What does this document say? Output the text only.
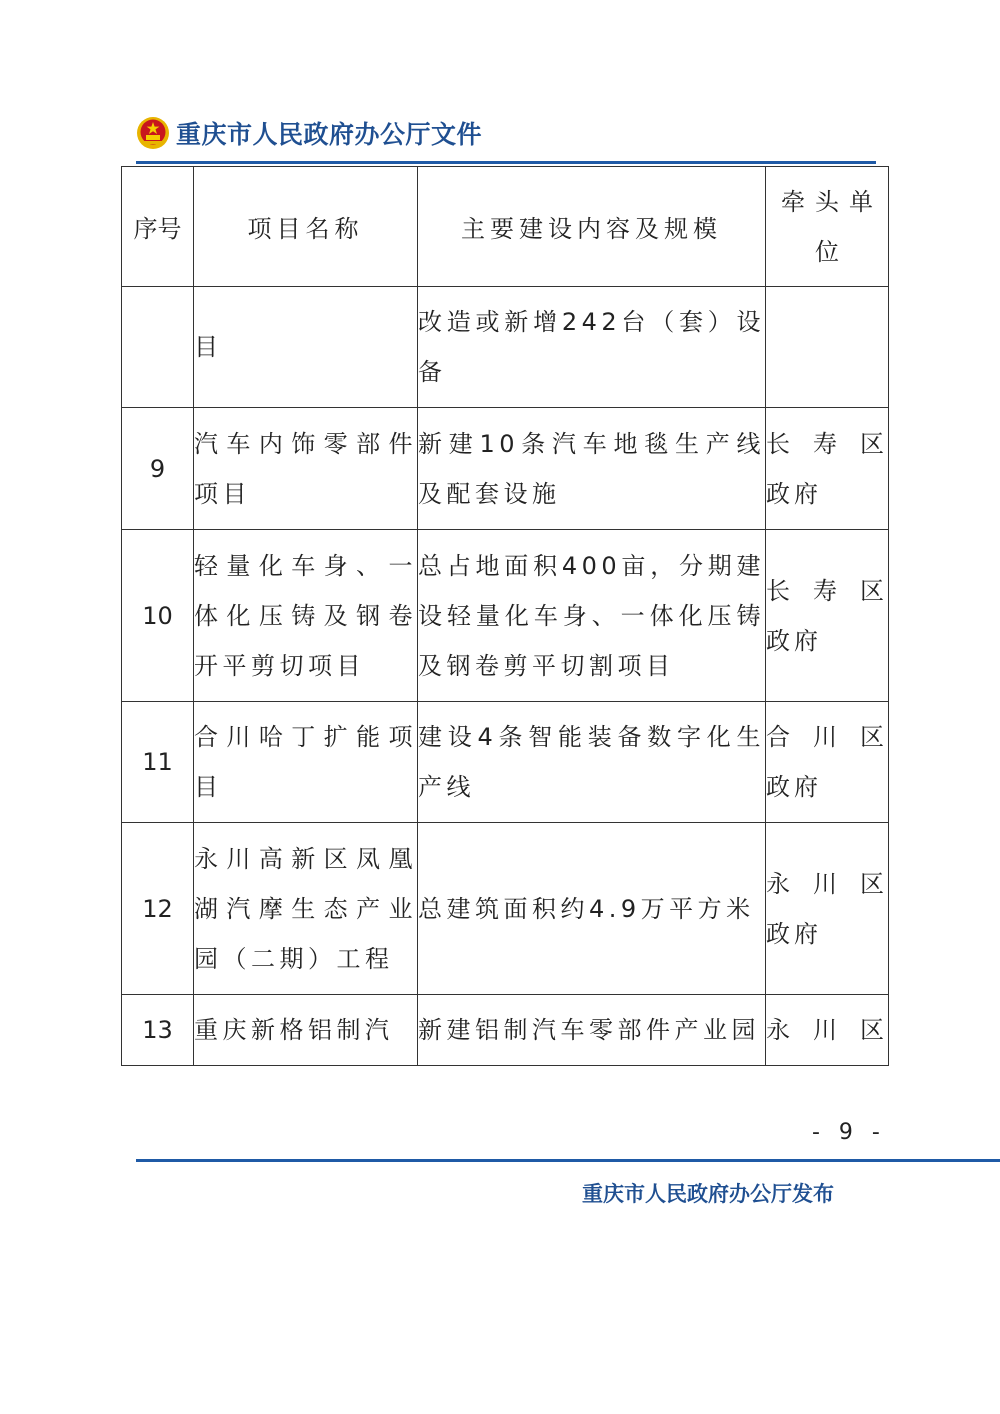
重庆市人民政府办公厅文件
序号	项目名称	主要建设内容及规模	牵头单位
	目	改造或新增242台（套）设备	
9	汽车内饰零部件项目	新建10条汽车地毯生产线及配套设施	长 寿 区
政府

10	轻量化车身、一体化压铸及钢卷开平剪切项目	总占地面积400亩，分期建设轻量化车身、一体化压铸及钢卷剪平切割项目	长 寿 区
政府

11	合川哈丁扩能项目	建设4条智能装备数字化生产线	合 川 区
政府

12	永川高新区凤凰湖汽摩生态产业园（二期）工程	总建筑面积约4.9万平方米	永 川 区
政府

13	重庆新格铝制汽	新建铝制汽车零部件产业园	永 川 区
- 9 -
重庆市人民政府办公厅发布
